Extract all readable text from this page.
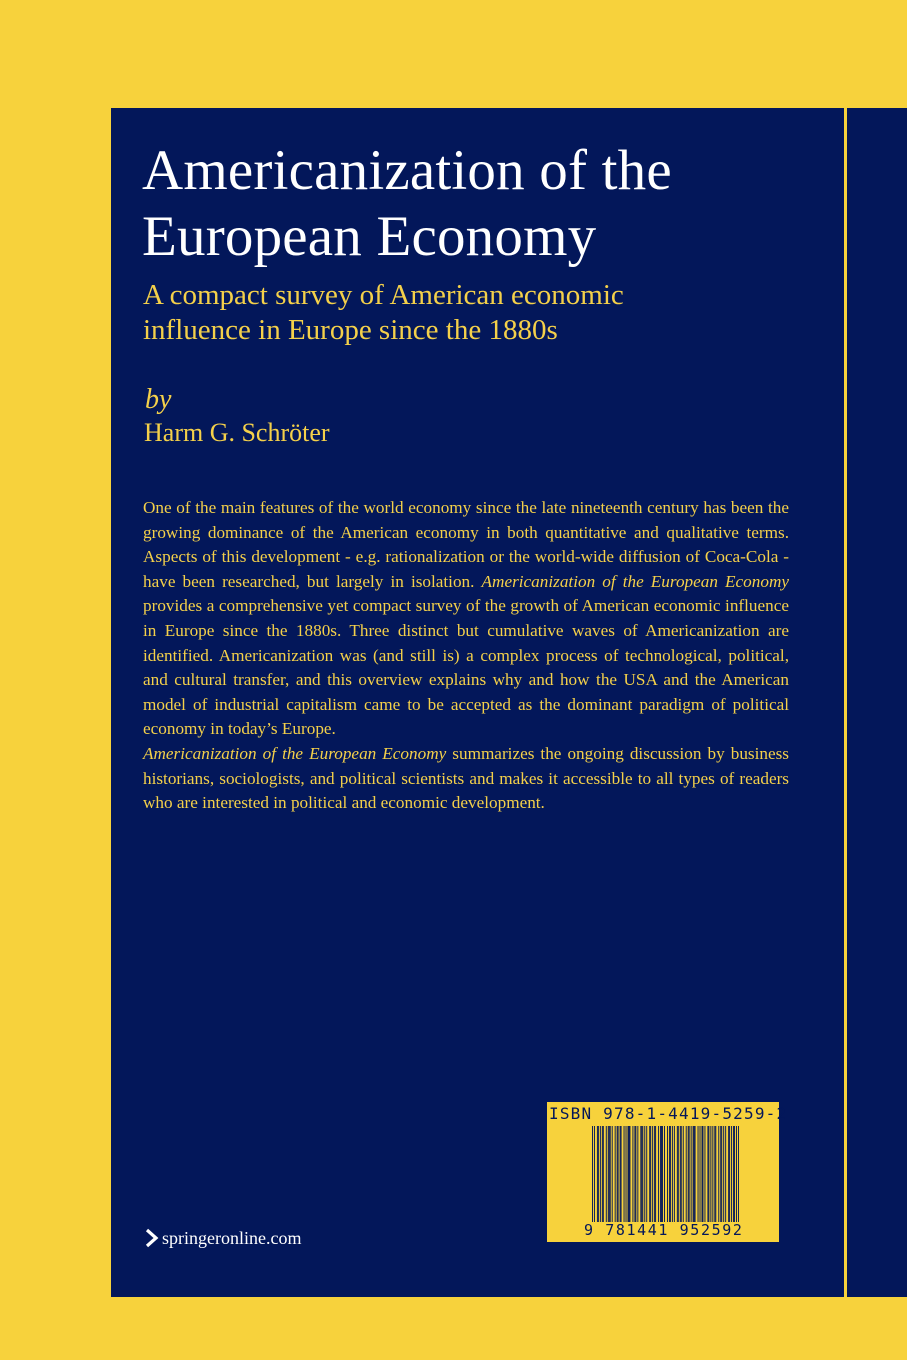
Americanization of the
European Economy
A compact survey of American economic
influence in Europe since the 1880s
by
Harm G. Schröter

One of the main features of the world economy since the late nineteenth century has been the growing dominance of the American economy in both quantitative and qualitative terms. Aspects of this development - e.g. rationalization or the world-wide diffusion of Coca-Cola - have been researched, but largely in isolation. Americanization of the European Economy provides a comprehensive yet compact survey of the growth of American economic influence in Europe since the 1880s. Three distinct but cumulative waves of Americanization are identified. Americanization was (and still is) a complex process of technological, political, and cultural transfer, and this overview explains why and how the USA and the American model of industrial capitalism came to be accepted as the dominant paradigm of political economy in today’s Europe.

Americanization of the European Economy summarizes the ongoing discussion by business historians, sociologists, and political scientists and makes it accessible to all types of readers who are interested in political and economic development.

ISBN 978-1-4419-5259-2
9 781441 952592
springeronline.com
